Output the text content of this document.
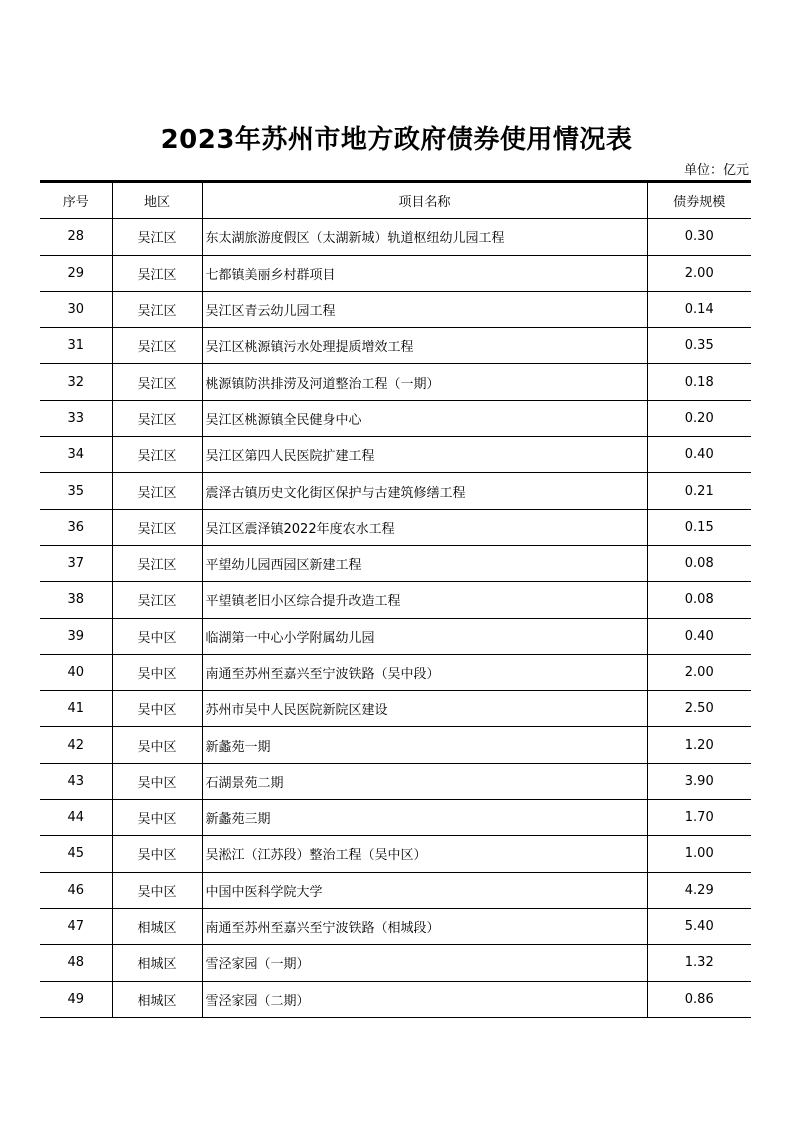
2023年苏州市地方政府债券使用情况表
单位：亿元
序号	地区	项目名称	债券规模
28	吴江区	东太湖旅游度假区（太湖新城）轨道枢纽幼儿园工程	0.30
29	吴江区	七都镇美丽乡村群项目	2.00
30	吴江区	吴江区青云幼儿园工程	0.14
31	吴江区	吴江区桃源镇污水处理提质增效工程	0.35
32	吴江区	桃源镇防洪排涝及河道整治工程（一期）	0.18
33	吴江区	吴江区桃源镇全民健身中心	0.20
34	吴江区	吴江区第四人民医院扩建工程	0.40
35	吴江区	震泽古镇历史文化街区保护与古建筑修缮工程	0.21
36	吴江区	吴江区震泽镇2022年度农水工程	0.15
37	吴江区	平望幼儿园西园区新建工程	0.08
38	吴江区	平望镇老旧小区综合提升改造工程	0.08
39	吴中区	临湖第一中心小学附属幼儿园	0.40
40	吴中区	南通至苏州至嘉兴至宁波铁路（吴中段）	2.00
41	吴中区	苏州市吴中人民医院新院区建设	2.50
42	吴中区	新蠡苑一期	1.20
43	吴中区	石湖景苑二期	3.90
44	吴中区	新蠡苑三期	1.70
45	吴中区	吴淞江（江苏段）整治工程（吴中区）	1.00
46	吴中区	中国中医科学院大学	4.29
47	相城区	南通至苏州至嘉兴至宁波铁路（相城段）	5.40
48	相城区	雪泾家园（一期）	1.32
49	相城区	雪泾家园（二期）	0.86
